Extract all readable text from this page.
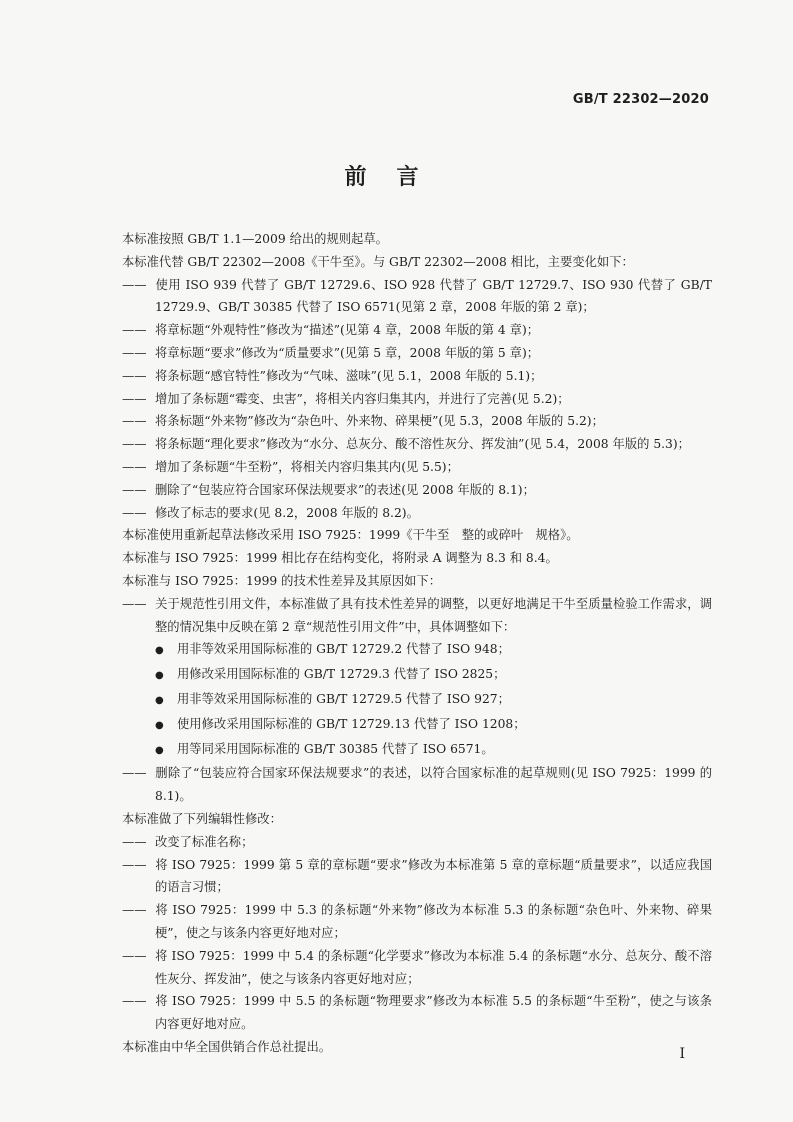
GB/T 22302—2020
前言
本标准按照 GB/T 1.1—2009 给出的规则起草。
本标准代替 GB/T 22302—2008《干牛至》。与 GB/T 22302—2008 相比，主要变化如下：
—— 使用 ISO 939 代替了 GB/T 12729.6、ISO 928 代替了 GB/T 12729.7、ISO 930 代替了 GB/T 12729.9、GB/T 30385 代替了 ISO 6571(见第 2 章，2008 年版的第 2 章)；
—— 将章标题“外观特性”修改为“描述”(见第 4 章，2008 年版的第 4 章)；
—— 将章标题“要求”修改为“质量要求”(见第 5 章，2008 年版的第 5 章)；
—— 将条标题“感官特性”修改为“气味、滋味”(见 5.1，2008 年版的 5.1)；
—— 增加了条标题“霉变、虫害”，将相关内容归集其内，并进行了完善(见 5.2)；
—— 将条标题“外来物”修改为“杂色叶、外来物、碎果梗”(见 5.3，2008 年版的 5.2)；
—— 将条标题“理化要求”修改为“水分、总灰分、酸不溶性灰分、挥发油”(见 5.4，2008 年版的 5.3)；
—— 增加了条标题“牛至粉”，将相关内容归集其内(见 5.5)；
—— 删除了“包装应符合国家环保法规要求”的表述(见 2008 年版的 8.1)；
—— 修改了标志的要求(见 8.2，2008 年版的 8.2)。
本标准使用重新起草法修改采用 ISO 7925：1999《干牛至　整的或碎叶　规格》。
本标准与 ISO 7925：1999 相比存在结构变化，将附录 A 调整为 8.3 和 8.4。
本标准与 ISO 7925：1999 的技术性差异及其原因如下：
—— 关于规范性引用文件，本标准做了具有技术性差异的调整，以更好地满足干牛至质量检验工作需求，调整的情况集中反映在第 2 章“规范性引用文件”中，具体调整如下：
● 用非等效采用国际标准的 GB/T 12729.2 代替了 ISO 948；
● 用修改采用国际标准的 GB/T 12729.3 代替了 ISO 2825；
● 用非等效采用国际标准的 GB/T 12729.5 代替了 ISO 927；
● 使用修改采用国际标准的 GB/T 12729.13 代替了 ISO 1208；
● 用等同采用国际标准的 GB/T 30385 代替了 ISO 6571。
—— 删除了“包装应符合国家环保法规要求”的表述，以符合国家标准的起草规则(见 ISO 7925：1999 的 8.1)。
本标准做了下列编辑性修改：
—— 改变了标准名称；
—— 将 ISO 7925：1999 第 5 章的章标题“要求”修改为本标准第 5 章的章标题“质量要求”，以适应我国的语言习惯；
—— 将 ISO 7925：1999 中 5.3 的条标题“外来物”修改为本标准 5.3 的条标题“杂色叶、外来物、碎果梗”，使之与该条内容更好地对应；
—— 将 ISO 7925：1999 中 5.4 的条标题“化学要求”修改为本标准 5.4 的条标题“水分、总灰分、酸不溶性灰分、挥发油”，使之与该条内容更好地对应；
—— 将 ISO 7925：1999 中 5.5 的条标题“物理要求”修改为本标准 5.5 的条标题“牛至粉”，使之与该条内容更好地对应。
本标准由中华全国供销合作总社提出。	I
